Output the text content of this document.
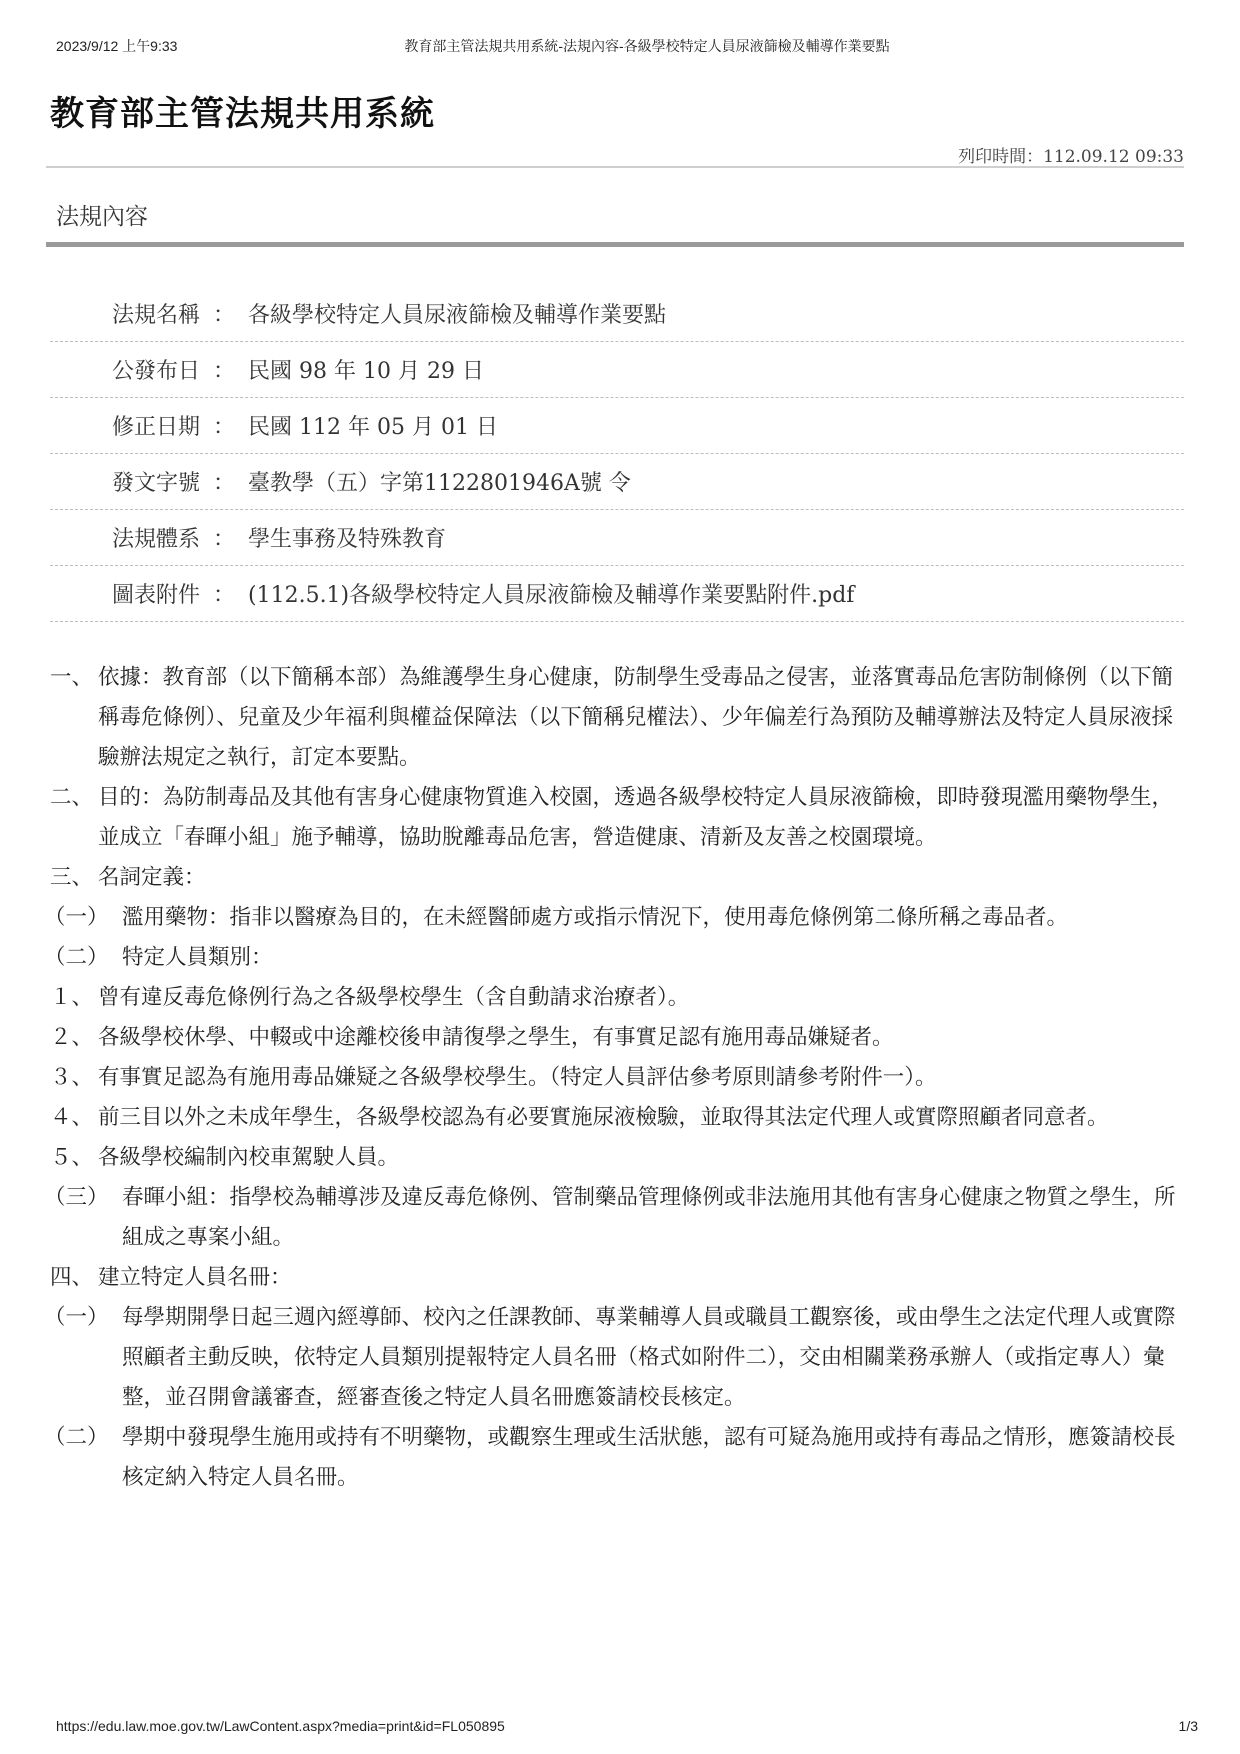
2023/9/12 上午9:33	教育部主管法規共用系統-法規內容-各級學校特定人員尿液篩檢及輔導作業要點
教育部主管法規共用系統
列印時間：112.09.12 09:33
法規內容
法規名稱 ： 各級學校特定人員尿液篩檢及輔導作業要點
公發布日 ： 民國 98 年 10 月 29 日
修正日期 ： 民國 112 年 05 月 01 日
發文字號 ： 臺教學（五）字第1122801946A號 令
法規體系 ： 學生事務及特殊教育
圖表附件 ： (112.5.1)各級學校特定人員尿液篩檢及輔導作業要點附件.pdf
一、 依據：教育部（以下簡稱本部）為維護學生身心健康，防制學生受毒品之侵害，並落實毒品危害防制條例（以下簡稱毒危條例）、兒童及少年福利與權益保障法（以下簡稱兒權法）、少年偏差行為預防及輔導辦法及特定人員尿液採驗辦法規定之執行，訂定本要點。
二、 目的：為防制毒品及其他有害身心健康物質進入校園，透過各級學校特定人員尿液篩檢，即時發現濫用藥物學生，並成立「春暉小組」施予輔導，協助脫離毒品危害，營造健康、清新及友善之校園環境。
三、 名詞定義：
（一） 濫用藥物：指非以醫療為目的，在未經醫師處方或指示情況下，使用毒危條例第二條所稱之毒品者。
（二） 特定人員類別：
１、 曾有違反毒危條例行為之各級學校學生（含自動請求治療者）。
２、 各級學校休學、中輟或中途離校後申請復學之學生，有事實足認有施用毒品嫌疑者。
３、 有事實足認為有施用毒品嫌疑之各級學校學生。（特定人員評估參考原則請參考附件一）。
４、 前三目以外之未成年學生，各級學校認為有必要實施尿液檢驗，並取得其法定代理人或實際照顧者同意者。
５、 各級學校編制內校車駕駛人員。
（三） 春暉小組：指學校為輔導涉及違反毒危條例、管制藥品管理條例或非法施用其他有害身心健康之物質之學生，所組成之專案小組。
四、 建立特定人員名冊：
（一） 每學期開學日起三週內經導師、校內之任課教師、專業輔導人員或職員工觀察後，或由學生之法定代理人或實際照顧者主動反映，依特定人員類別提報特定人員名冊（格式如附件二），交由相關業務承辦人（或指定專人）彙整，並召開會議審查，經審查後之特定人員名冊應簽請校長核定。
（二） 學期中發現學生施用或持有不明藥物，或觀察生理或生活狀態，認有可疑為施用或持有毒品之情形，應簽請校長核定納入特定人員名冊。
https://edu.law.moe.gov.tw/LawContent.aspx?media=print&id=FL050895	1/3
